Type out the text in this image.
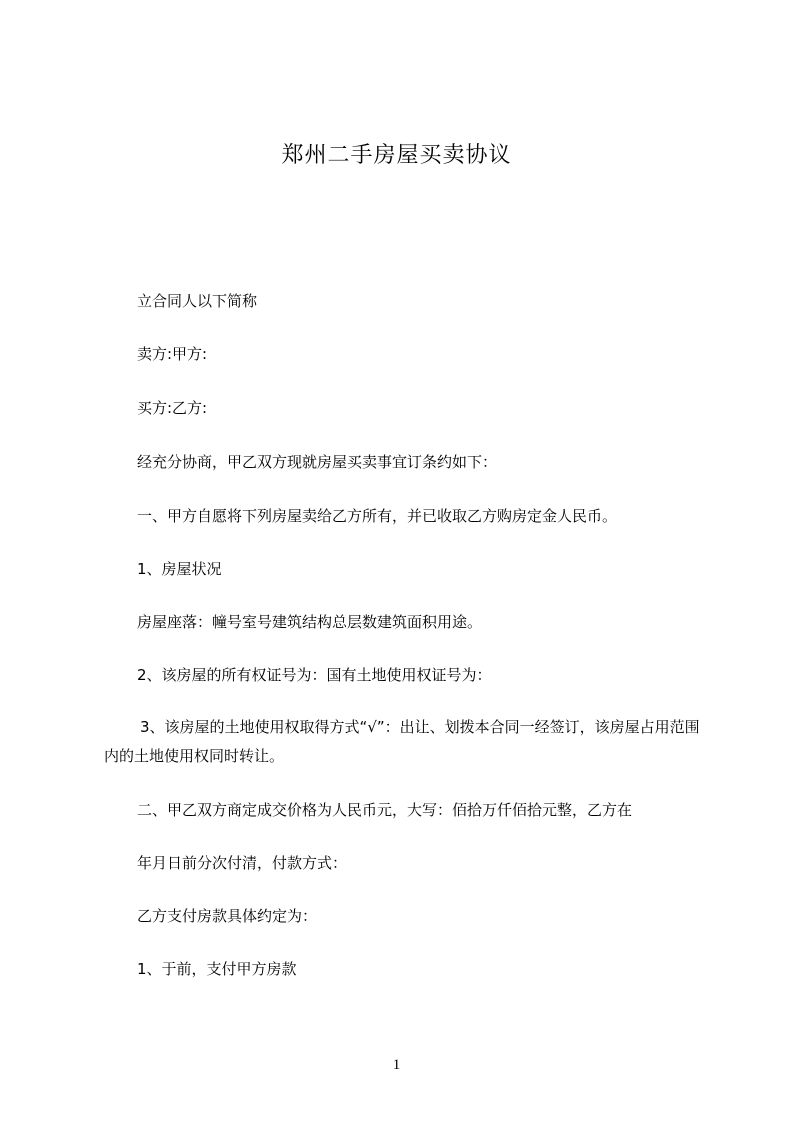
郑州二手房屋买卖协议

立合同人以下简称

卖方:甲方:

买方:乙方:

经充分协商，甲乙双方现就房屋买卖事宜订条约如下：

一、甲方自愿将下列房屋卖给乙方所有，并已收取乙方购房定金人民币。

1、房屋状况

房屋座落：幢号室号建筑结构总层数建筑面积用途。

2、该房屋的所有权证号为：国有土地使用权证号为：

3、该房屋的土地使用权取得方式“√”：出让、划拨本合同一经签订，该房屋占用范围内的土地使用权同时转让。

二、甲乙双方商定成交价格为人民币元，大写：佰拾万仟佰拾元整，乙方在

年月日前分次付清，付款方式：

乙方支付房款具体约定为：

1、于前，支付甲方房款

1
